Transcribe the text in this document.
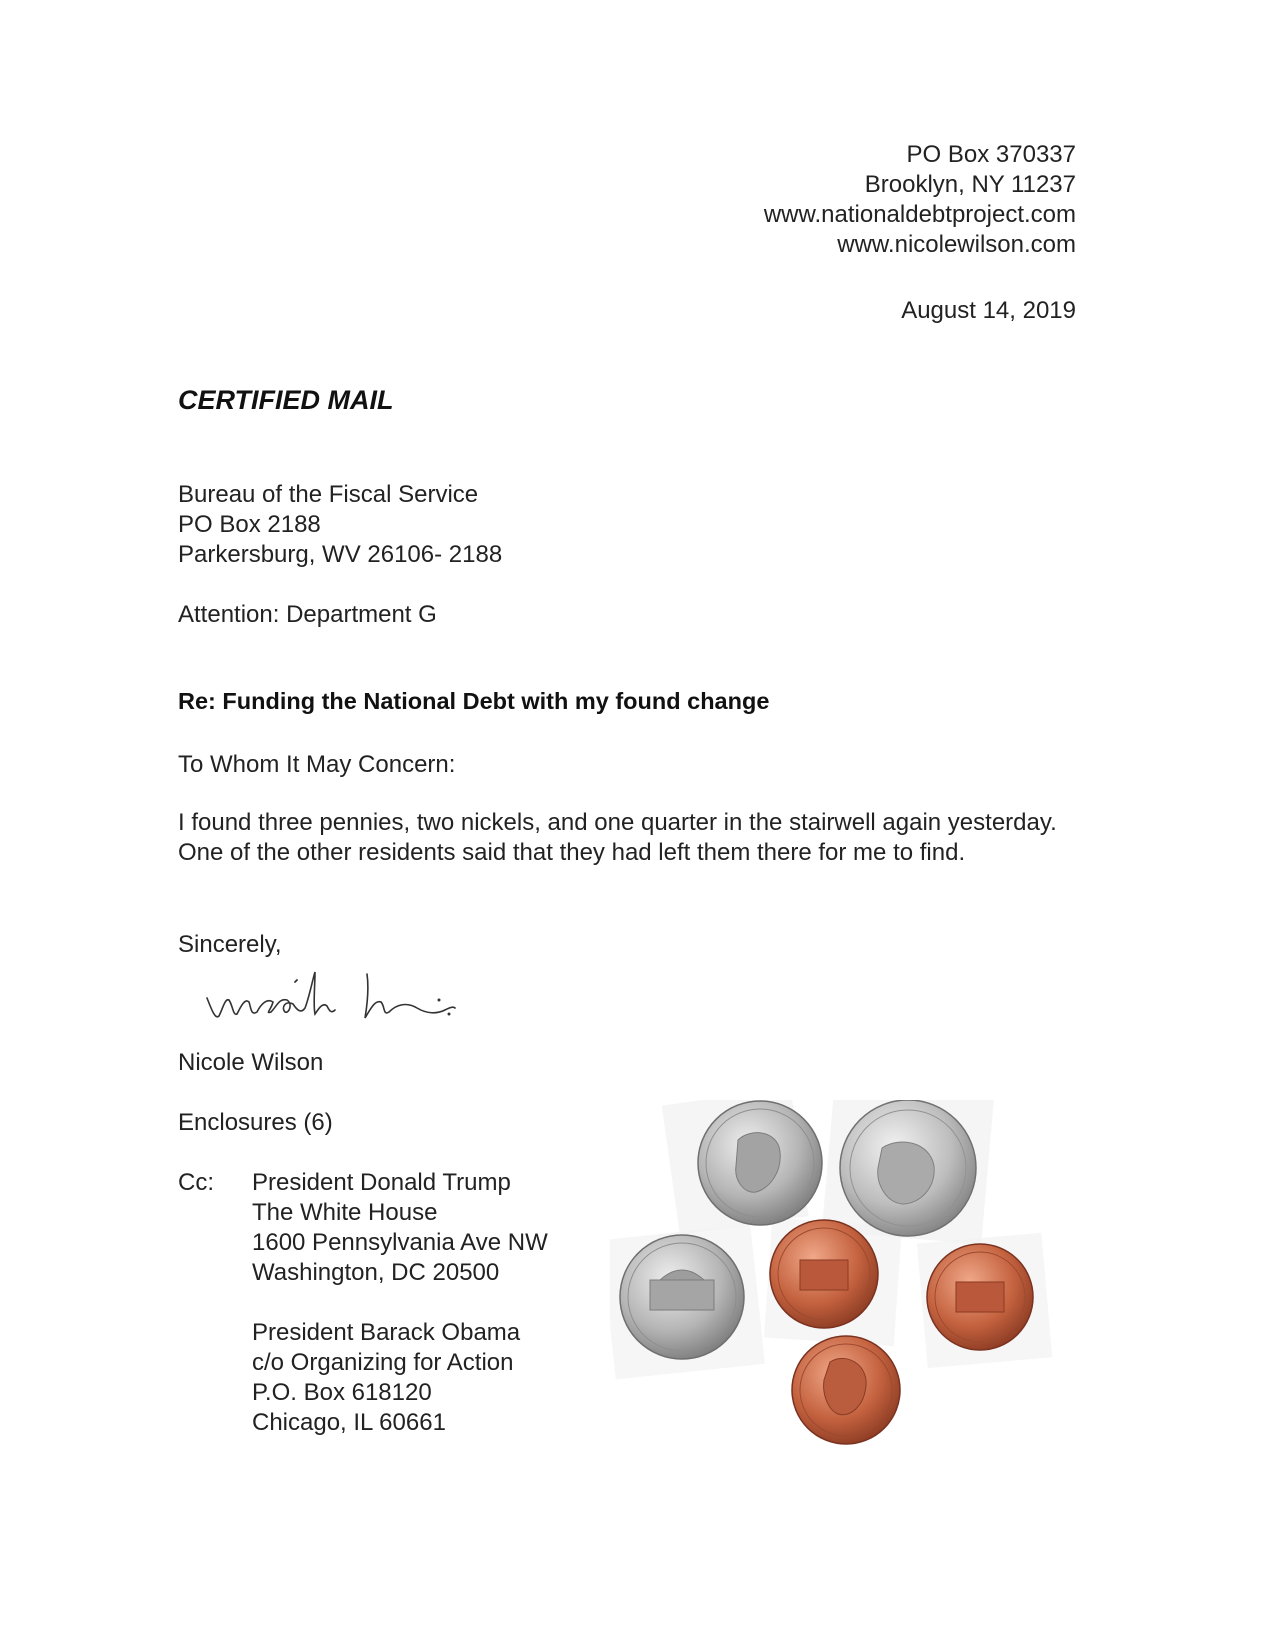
PO Box 370337
Brooklyn, NY 11237
www.nationaldebtproject.com
www.nicolewilson.com
August 14, 2019
CERTIFIED MAIL
Bureau of the Fiscal Service
PO Box 2188
Parkersburg, WV 26106- 2188
Attention: Department G
Re: Funding the National Debt with my found change
To Whom It May Concern:
I found three pennies, two nickels, and one quarter in the stairwell again yesterday. One of the other residents said that they had left them there for me to find.
Sincerely,
Nicole Wilson
Enclosures (6)
Cc: President Donald Trump
The White House
1600 Pennsylvania Ave NW
Washington, DC 20500
President Barack Obama
c/o Organizing for Action
P.O. Box 618120
Chicago, IL 60661
